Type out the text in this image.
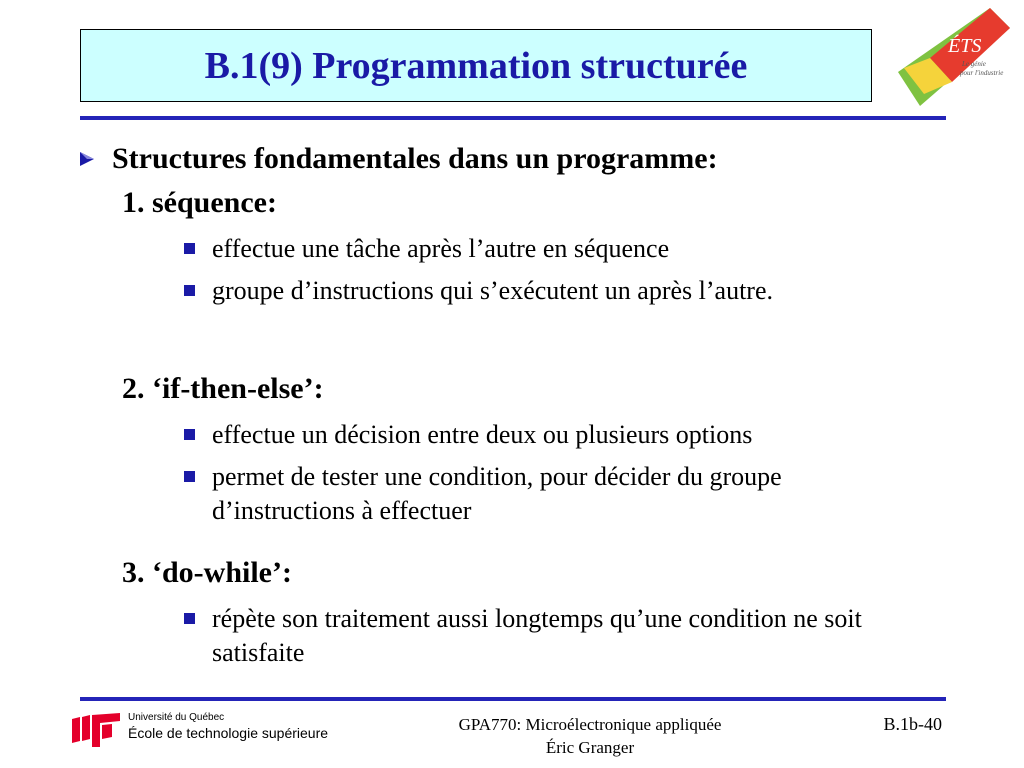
B.1(9) Programmation structurée	ÉTS
Le génie
pour l'industrie
Structures fondamentales dans un programme:
1. séquence:
effectue une tâche après l’autre en séquence
groupe d’instructions qui s’exécutent un après l’autre.
2. ‘if-then-else’:
effectue un décision entre deux ou plusieurs options
permet de tester une condition, pour décider du groupe d’instructions à effectuer
3. ‘do-while’:
répète son traitement aussi longtemps qu’une condition ne soit satisfaite
Université du Québec
École de technologie supérieure	GPA770: Microélectronique appliquée
Éric Granger
B.1b-40
